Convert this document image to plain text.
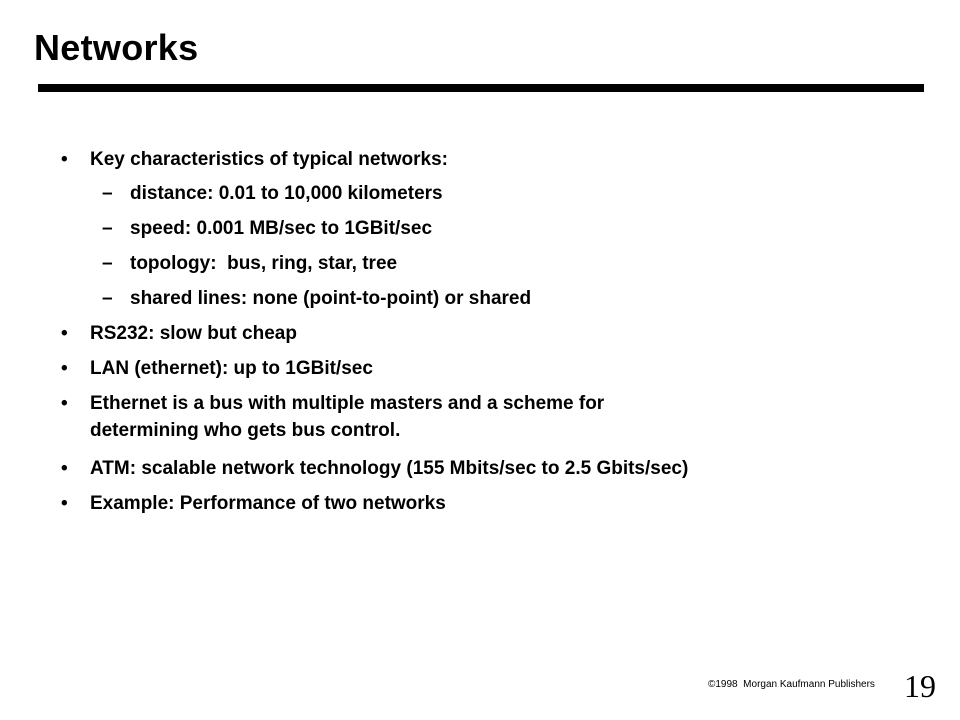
Networks
• Key characteristics of typical networks:
– distance: 0.01 to 10,000 kilometers
– speed: 0.001 MB/sec to 1GBit/sec
– topology:  bus, ring, star, tree
– shared lines: none (point-to-point) or shared
• RS232: slow but cheap
• LAN (ethernet): up to 1GBit/sec
• Ethernet is a bus with multiple masters and a scheme for
determining who gets bus control.
• ATM: scalable network technology (155 Mbits/sec to 2.5 Gbits/sec)
• Example: Performance of two networks
©1998  Morgan Kaufmann Publishers 19
